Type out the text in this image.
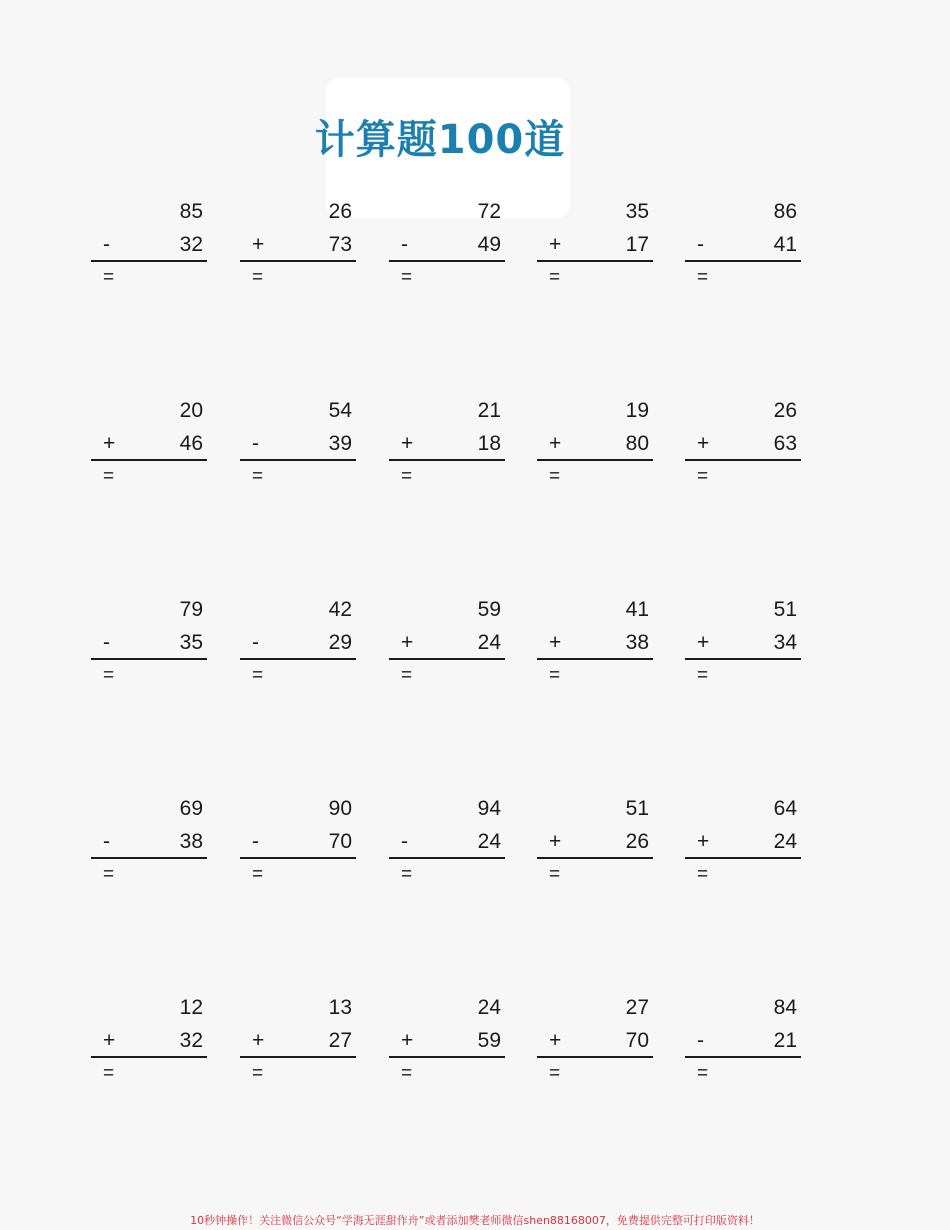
计算题100道
85
-	32
=
26
+	73
=
72
-	49
=
35
+	17
=
86
-	41
=
20
+	46
=
54
-	39
=
21
+	18
=
19
+	80
=
26
+	63
=
79
-	35
=
42
-	29
=
59
+	24
=
41
+	38
=
51
+	34
=
69
-	38
=
90
-	70
=
94
-	24
=
51
+	26
=
64
+	24
=
12
+	32
=
13
+	27
=
24
+	59
=
27
+	70
=
84
-	21
=
10秒钟操作！关注微信公众号“学海无涯甜作舟”或者添加樊老师微信shen88168007，免费提供完整可打印版资料！
